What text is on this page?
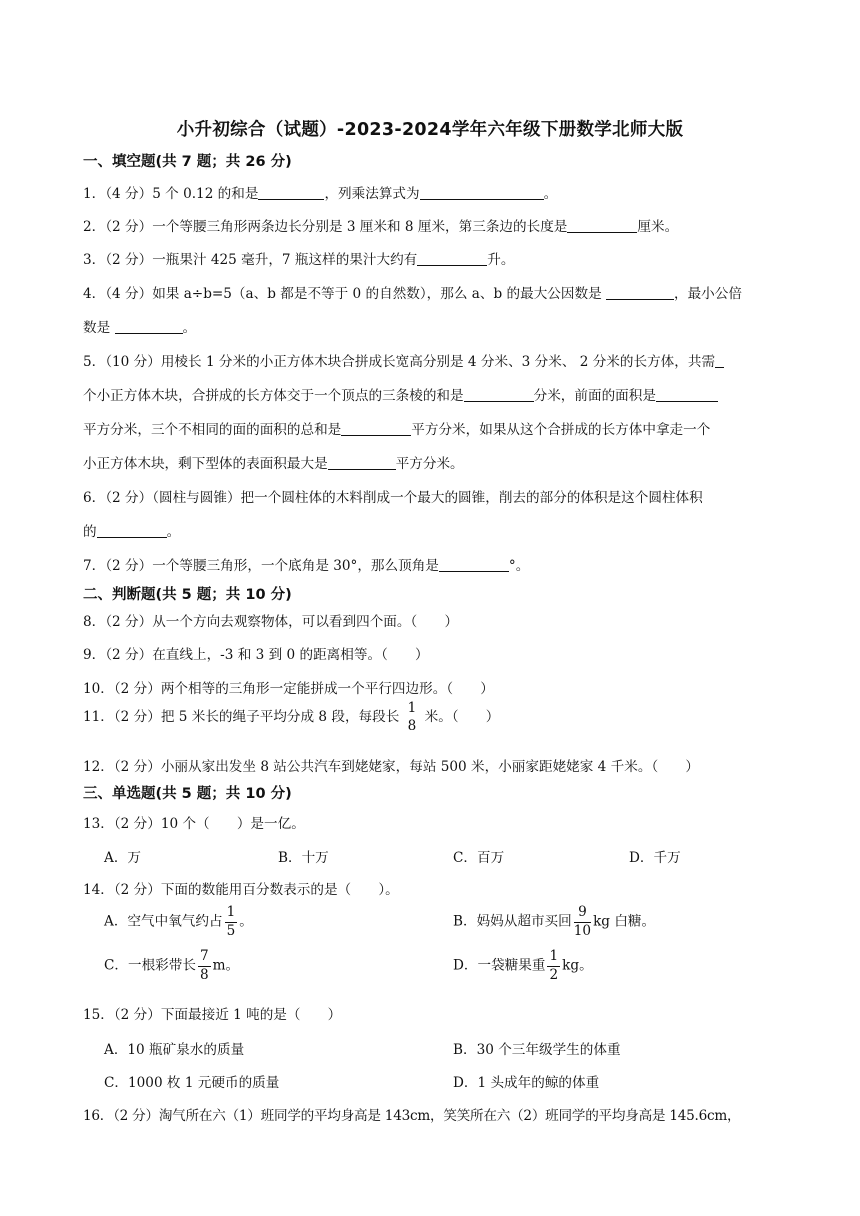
小升初综合（试题）-2023-2024学年六年级下册数学北师大版
一、填空题(共 7 题；共 26 分)
1．（4 分）5 个 0.12 的和是	，列乘法算式为	。
2．（2 分）一个等腰三角形两条边长分别是 3 厘米和 8 厘米，第三条边的长度是	厘米。
3．（2 分）一瓶果汁 425 毫升，7 瓶这样的果汁大约有	升。
4．（4 分）如果 a÷b=5（a、b 都是不等于 0 的自然数），那么 a、b 的最大公因数是	，最小公倍
数是	。
5．（10 分）用棱长 1 分米的小正方体木块合拼成长宽高分别是 4 分米、3 分米、 2 分米的长方体，共需
个小正方体木块，合拼成的长方体交于一个顶点的三条棱的和是	分米，前面的面积是
平方分米，三个不相同的面的面积的总和是	平方分米，如果从这个合拼成的长方体中拿走一个
小正方体木块，剩下型体的表面积最大是	平方分米。
6．（2 分）（圆柱与圆锥）把一个圆柱体的木料削成一个最大的圆锥，削去的部分的体积是这个圆柱体积
的	。
7．（2 分）一个等腰三角形，一个底角是 30°，那么顶角是	°。
二、判断题(共 5 题；共 10 分)
8．（2 分）从一个方向去观察物体，可以看到四个面。（　　）
9．（2 分）在直线上，-3 和 3 到 0 的距离相等。（　　）
10．（2 分）两个相等的三角形一定能拼成一个平行四边形。（　　）
11．（2 分）把 5 米长的绳子平均分成 8 段，每段长
1
8
米。（　　）
12．（2 分）小丽从家出发坐 8 站公共汽车到姥姥家，每站 500 米，小丽家距姥姥家 4 千米。（　　）
三、单选题(共 5 题；共 10 分)
13．（2 分）10 个（　　）是一亿。
A．万	B．十万	C．百万	D．千万
14．（2 分）下面的数能用百分数表示的是（　　）。
A．空气中氧气约占 $\frac{1}{5}$ 。	B．妈妈从超市买回 $\frac{9}{10}$ kg 白糖。
C．一根彩带长 $\frac{7}{8}$ m。	D．一袋糖果重 $\frac{1}{2}$ kg。
15．（2 分）下面最接近 1 吨的是（　　）
A．10 瓶矿泉水的质量	B．30 个三年级学生的体重
C．1000 枚 1 元硬币的质量	D．1 头成年的鲸的体重
16．（2 分）淘气所在六（1）班同学的平均身高是 143cm，笑笑所在六（2）班同学的平均身高是 145.6cm，
